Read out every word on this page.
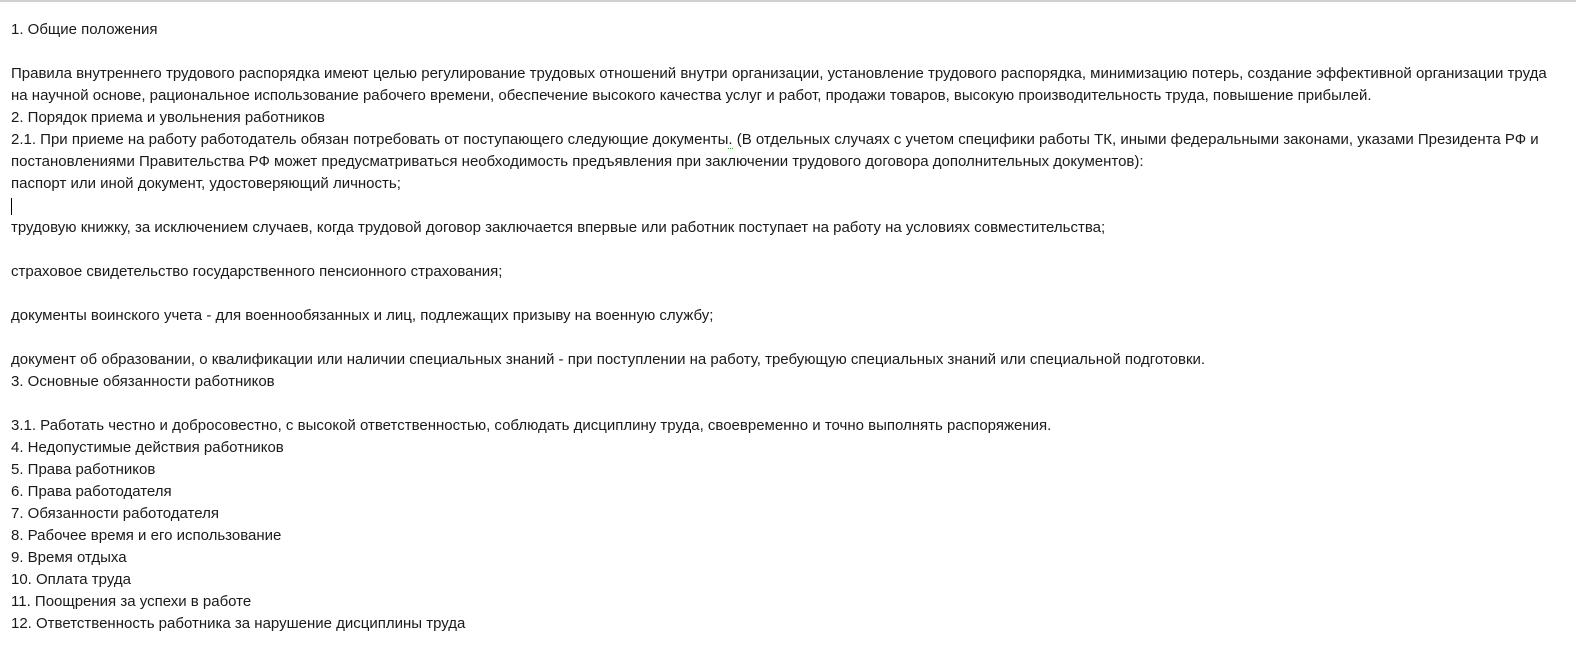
1. Общие положения
Правила внутреннего трудового распорядка имеют целью регулирование трудовых отношений внутри организации, установление трудового распорядка, минимизацию потерь, создание эффективной организации труда на научной основе, рациональное использование рабочего времени, обеспечение высокого качества услуг и работ, продажи товаров, высокую производительность труда, повышение прибылей.
2. Порядок приема и увольнения работников
2.1. При приеме на работу работодатель обязан потребовать от поступающего следующие документы. (В отдельных случаях с учетом специфики работы ТК, иными федеральными законами, указами Президента РФ и постановлениями Правительства РФ может предусматриваться необходимость предъявления при заключении трудового договора дополнительных документов):
паспорт или иной документ, удостоверяющий личность;
трудовую книжку, за исключением случаев, когда трудовой договор заключается впервые или работник поступает на работу на условиях совместительства;
страховое свидетельство государственного пенсионного страхования;
документы воинского учета - для военнообязанных и лиц, подлежащих призыву на военную службу;
документ об образовании, о квалификации или наличии специальных знаний - при поступлении на работу, требующую специальных знаний или специальной подготовки.
3. Основные обязанности работников
3.1. Работать честно и добросовестно, с высокой ответственностью, соблюдать дисциплину труда, своевременно и точно выполнять распоряжения.
4. Недопустимые действия работников
5. Права работников
6. Права работодателя
7. Обязанности работодателя
8. Рабочее время и его использование
9. Время отдыха
10. Оплата труда
11. Поощрения за успехи в работе
12. Ответственность работника за нарушение дисциплины труда
